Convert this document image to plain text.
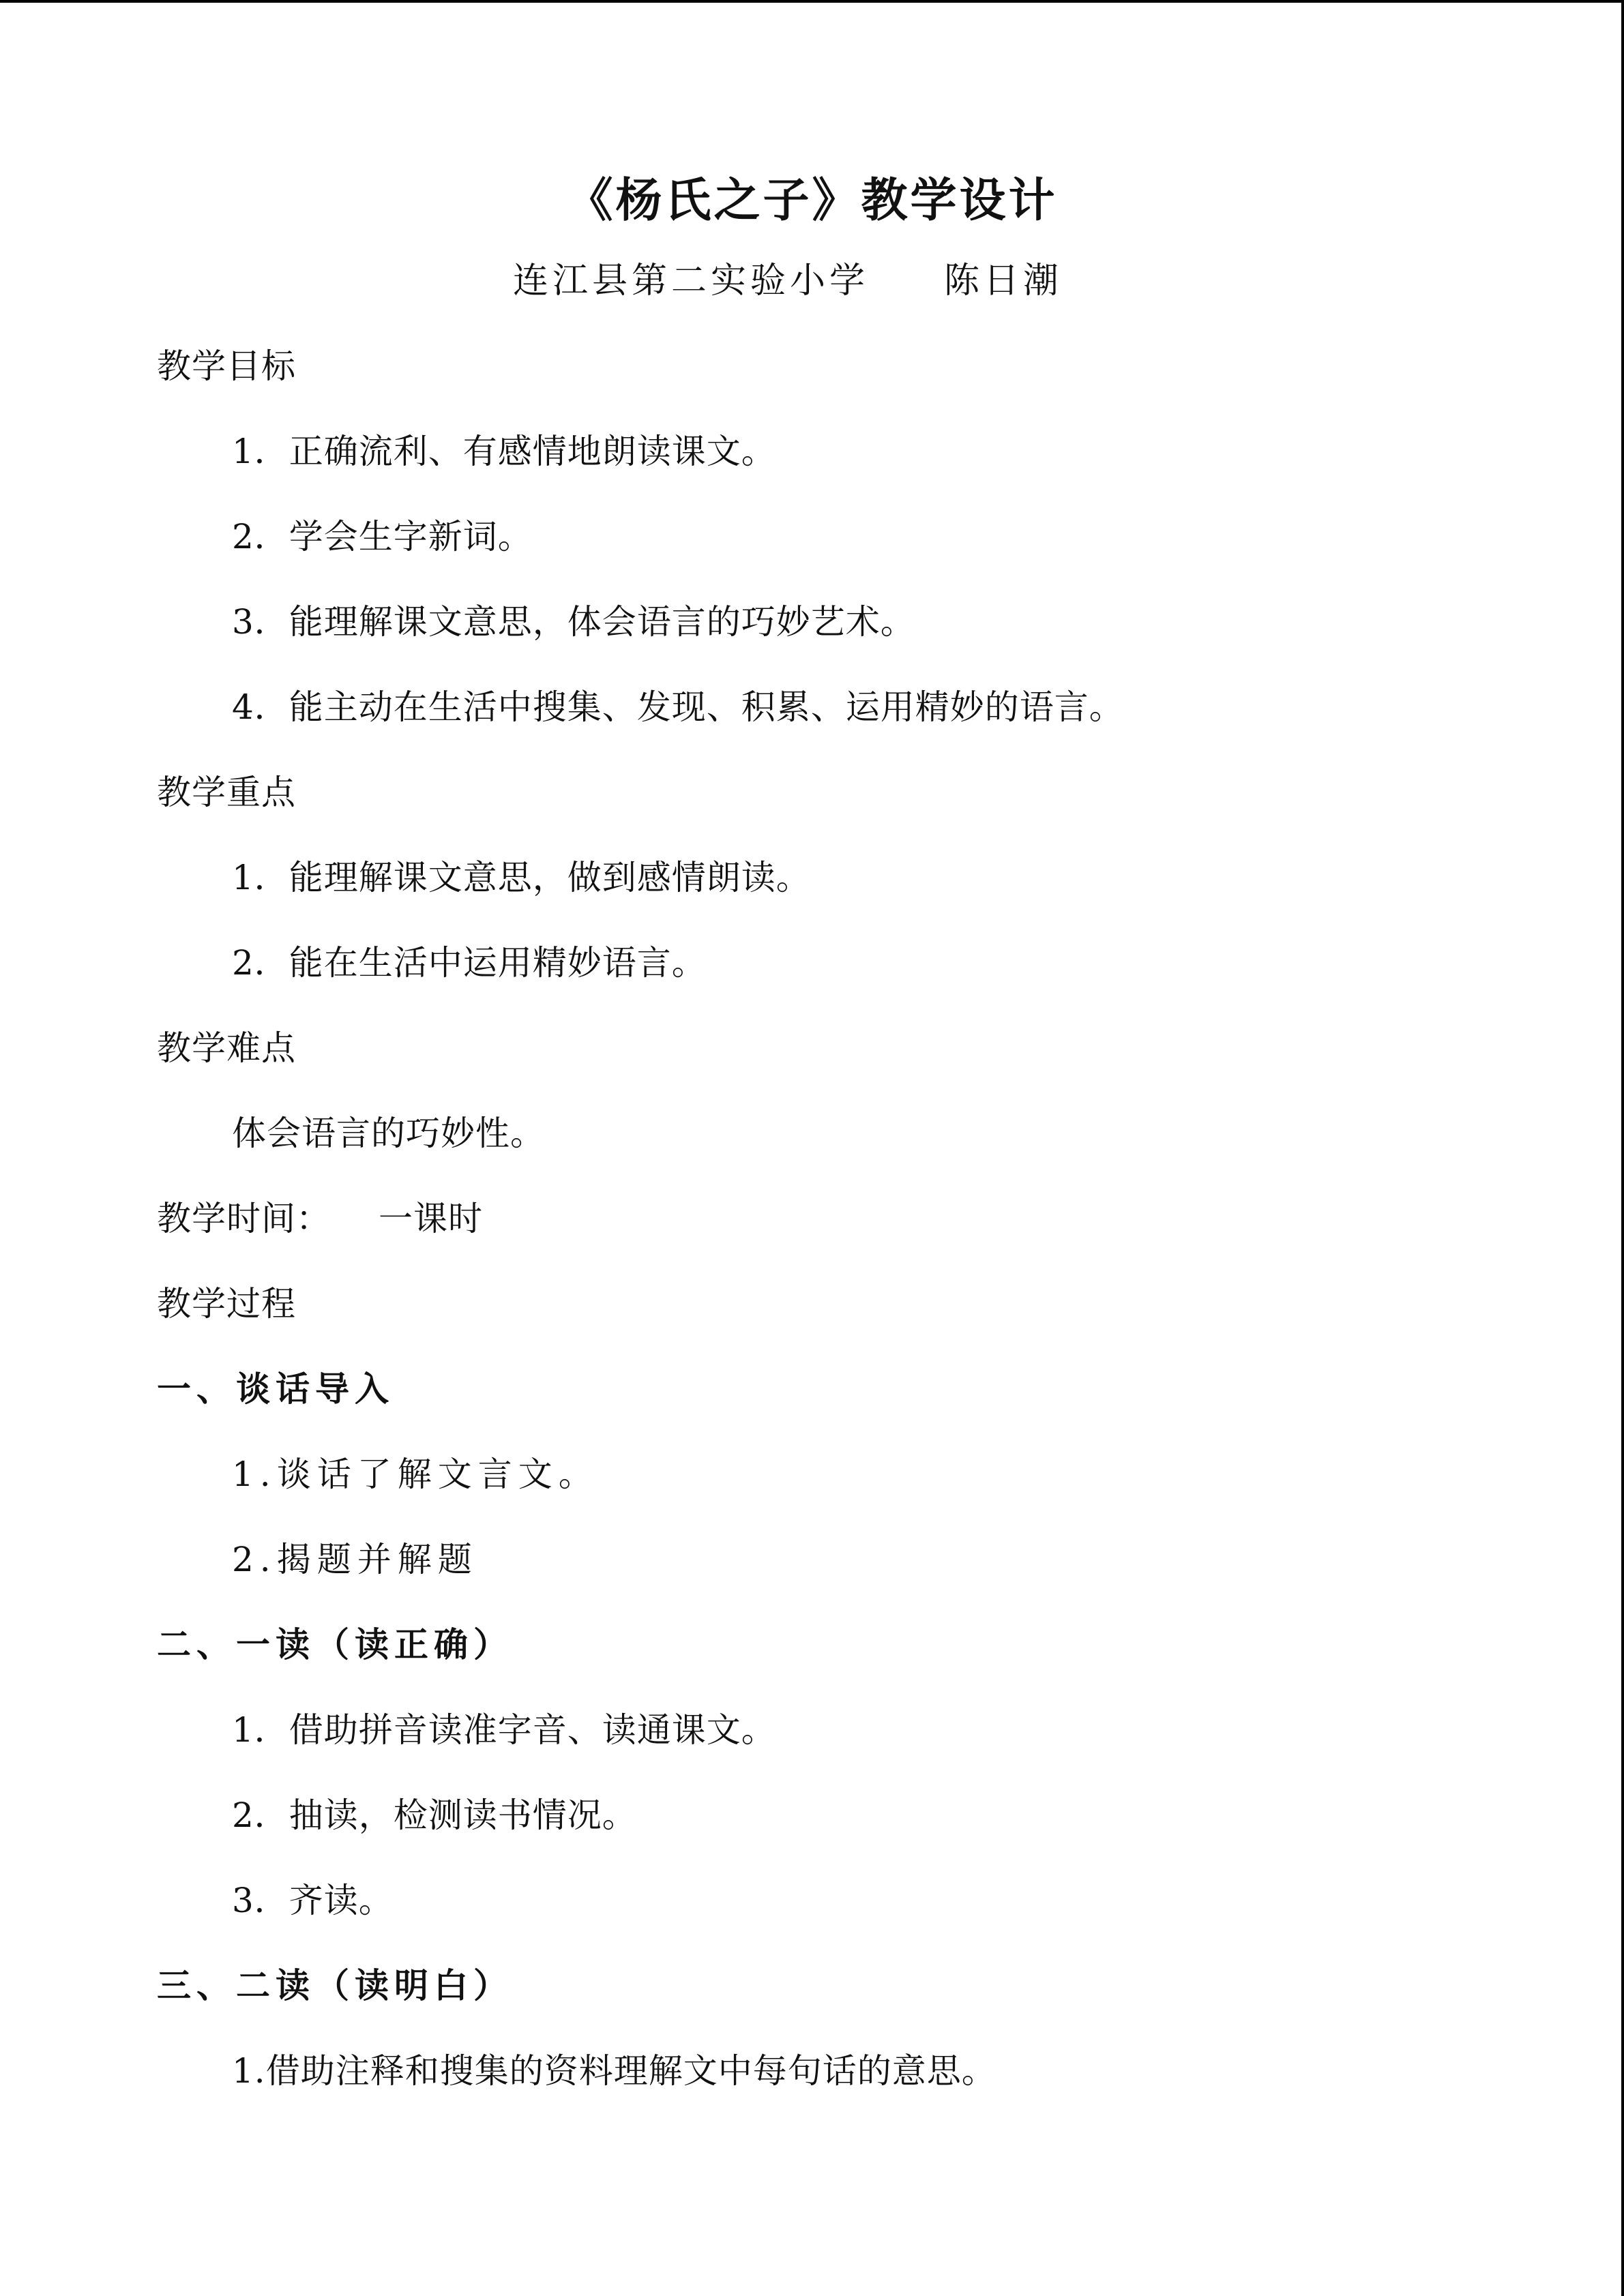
《杨氏之子》教学设计
连江县第二实验小学 陈日潮
教学目标
1．正确流利、有感情地朗读课文。
2．学会生字新词。
3．能理解课文意思，体会语言的巧妙艺术。
4．能主动在生活中搜集、发现、积累、运用精妙的语言。
教学重点
1．能理解课文意思，做到感情朗读。
2．能在生活中运用精妙语言。
教学难点
体会语言的巧妙性。
教学时间： 一课时
教学过程
一、谈话导入
1.谈话了解文言文。
2.揭题并解题
二、一读（读正确）
1．借助拼音读准字音、读通课文。
2．抽读，检测读书情况。
3．齐读。
三、二读（读明白）
1.借助注释和搜集的资料理解文中每句话的意思。
